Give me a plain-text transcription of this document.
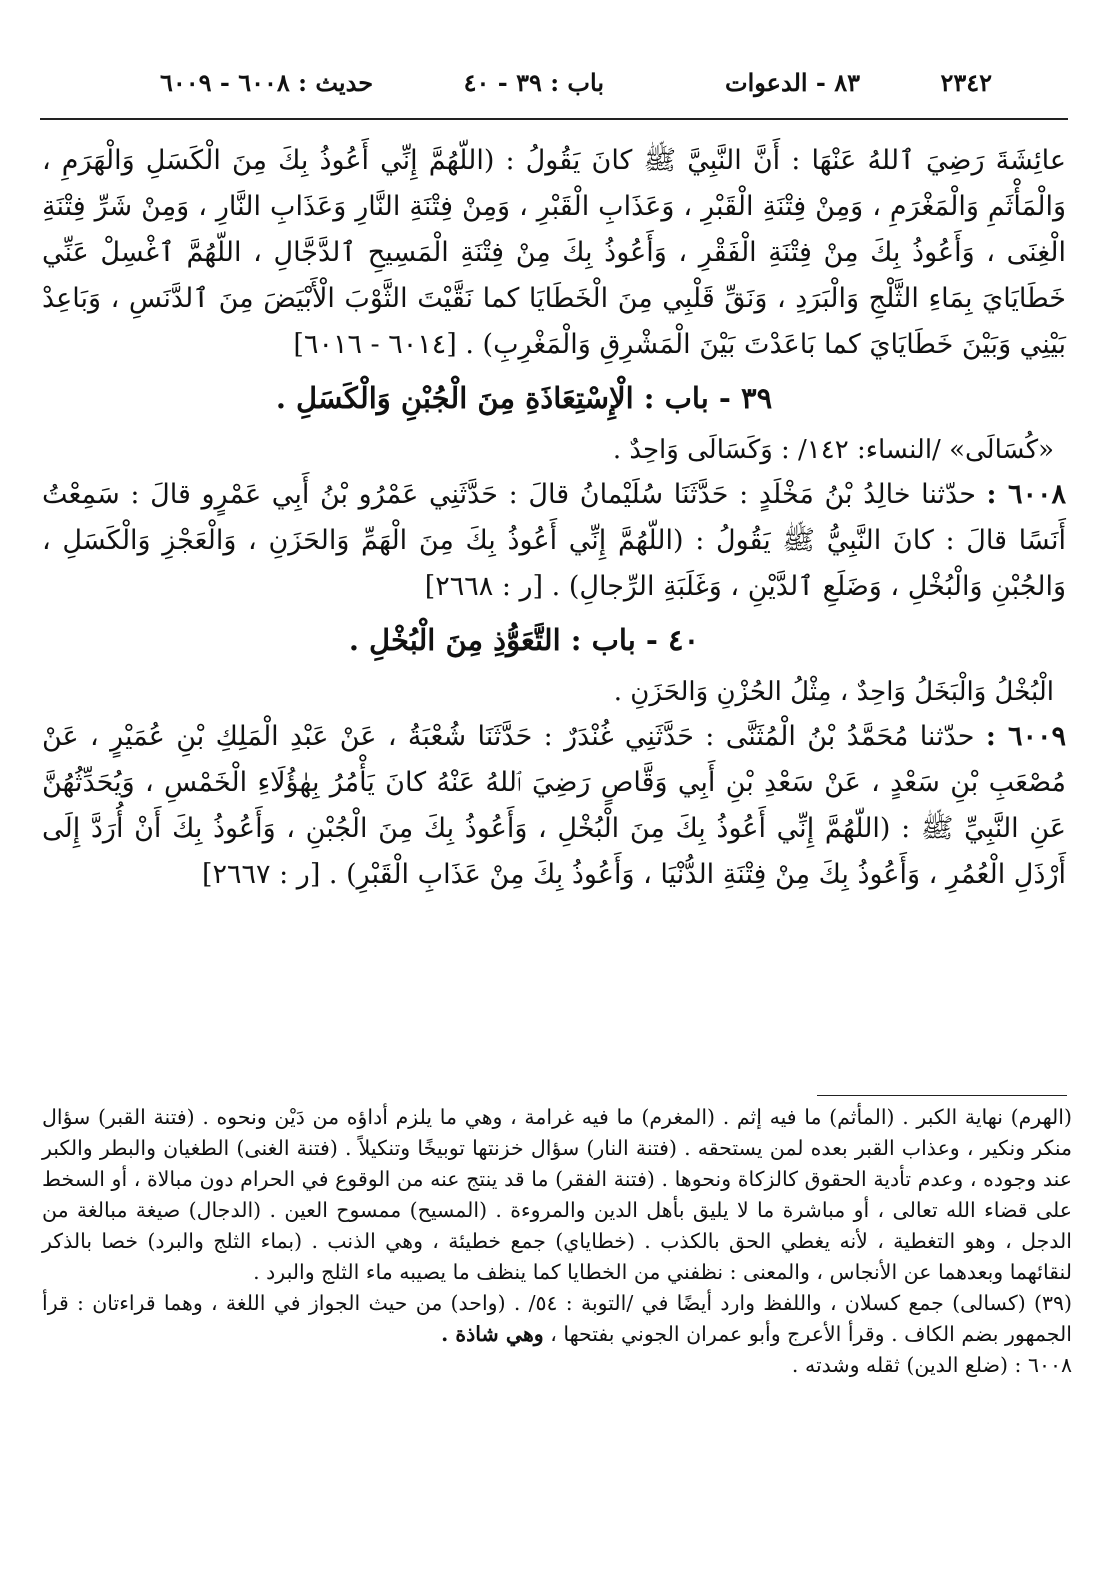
٢٣٤٢
٨٣ - الدعوات
باب : ٣٩ - ٤٠
حديث : ٦٠٠٨ - ٦٠٠٩

عائِشَةَ رَضِيَ ٱللهُ عَنْهَا : أَنَّ النَّبِيَّ ﷺ كانَ يَقُولُ : (اللّهُمَّ إِنِّي أَعُوذُ بِكَ مِنَ الْكَسَلِ وَالْهَرَمِ ، وَالْمَأْثَمِ وَالْمَغْرَمِ ، وَمِنْ فِتْنَةِ الْقَبْرِ ، وَعَذَابِ الْقَبْرِ ، وَمِنْ فِتْنَةِ النَّارِ وَعَذَابِ النَّارِ ، وَمِنْ شَرِّ فِتْنَةِ الْغِنَى ، وَأَعُوذُ بِكَ مِنْ فِتْنَةِ الْفَقْرِ ، وَأَعُوذُ بِكَ مِنْ فِتْنَةِ الْمَسِيحِ ٱلدَّجَّالِ ، اللّهُمَّ ٱغْسِلْ عَنِّي خَطَايَايَ بِمَاءِ الثَّلْجِ وَالْبَرَدِ ، وَنَقِّ قَلْبِي مِنَ الْخَطَايَا كما نَقَّيْتَ الثَّوْبَ الْأَبْيَضَ مِنَ ٱلدَّنَسِ ، وَبَاعِدْ بَيْنِي وَبَيْنَ خَطَايَايَ كما بَاعَدْتَ بَيْنَ الْمَشْرِقِ وَالْمَغْرِبِ) . [٦٠١٤ - ٦٠١٦]

٣٩ - باب : الْإِسْتِعَاذَةِ مِنَ الْجُبْنِ وَالْكَسَلِ .

«كُسَالَى» /النساء: ١٤٢/ : وَكَسَالَى وَاحِدٌ .

٦٠٠٨ : حدّثنا خالِدُ بْنُ مَخْلَدٍ : حَدَّثَنَا سُلَيْمانُ قالَ : حَدَّثَنِي عَمْرُو بْنُ أَبِي عَمْرٍو قالَ : سَمِعْتُ أَنَسًا قالَ : كانَ النَّبِيُّ ﷺ يَقُولُ : (اللّهُمَّ إِنِّي أَعُوذُ بِكَ مِنَ الْهَمِّ وَالحَزَنِ ، وَالْعَجْزِ وَالْكَسَلِ ، وَالجُبْنِ وَالْبُخْلِ ، وَضَلَعِ ٱلدَّيْنِ ، وَغَلَبَةِ الرِّجالِ) . [ر : ٢٦٦٨]

٤٠ - باب : التَّعَوُّذِ مِنَ الْبُخْلِ .

الْبُخْلُ وَالْبَخَلُ وَاحِدٌ ، مِثْلُ الحُزْنِ وَالحَزَنِ .

٦٠٠٩ : حدّثنا مُحَمَّدُ بْنُ الْمُثَنَّى : حَدَّثَنِي غُنْدَرٌ : حَدَّثَنَا شُعْبَةُ ، عَنْ عَبْدِ الْمَلِكِ بْنِ عُمَيْرٍ ، عَنْ مُصْعَبِ بْنِ سَعْدٍ ، عَنْ سَعْدِ بْنِ أَبِي وَقَّاصٍ رَضِيَ ٱللهُ عَنْهُ كانَ يَأْمُرُ بِهٰؤُلَاءِ الْخَمْسِ ، وَيُحَدِّثُهُنَّ عَنِ النَّبِيِّ ﷺ : (اللّهُمَّ إِنِّي أَعُوذُ بِكَ مِنَ الْبُخْلِ ، وَأَعُوذُ بِكَ مِنَ الْجُبْنِ ، وَأَعُوذُ بِكَ أَنْ أُرَدَّ إِلَى أَرْذَلِ الْعُمُرِ ، وَأَعُوذُ بِكَ مِنْ فِتْنَةِ الدُّنْيَا ، وَأَعُوذُ بِكَ مِنْ عَذَابِ الْقَبْرِ) . [ر : ٢٦٦٧]

(الهرم) نهاية الكبر . (المأثم) ما فيه إثم . (المغرم) ما فيه غرامة ، وهي ما يلزم أداؤه من دَيْن ونحوه . (فتنة القبر) سؤال منكر ونكير ، وعذاب القبر بعده لمن يستحقه . (فتنة النار) سؤال خزنتها توبيخًا وتنكيلاً . (فتنة الغنى) الطغيان والبطر والكبر عند وجوده ، وعدم تأدية الحقوق كالزكاة ونحوها . (فتنة الفقر) ما قد ينتج عنه من الوقوع في الحرام دون مبالاة ، أو السخط على قضاء الله تعالى ، أو مباشرة ما لا يليق بأهل الدين والمروءة . (المسيح) ممسوح العين . (الدجال) صيغة مبالغة من الدجل ، وهو التغطية ، لأنه يغطي الحق بالكذب . (خطاياي) جمع خطيئة ، وهي الذنب . (بماء الثلج والبرد) خصا بالذكر لنقائهما وبعدهما عن الأنجاس ، والمعنى : نظفني من الخطايا كما ينظف ما يصيبه ماء الثلج والبرد .

(٣٩) (كسالى) جمع كسلان ، واللفظ وارد أيضًا في /التوبة : ٥٤/ . (واحد) من حيث الجواز في اللغة ، وهما قراءتان : قرأ الجمهور بضم الكاف . وقرأ الأعرج وأبو عمران الجوني بفتحها ، وهي شاذة .

٦٠٠٨ : (ضلع الدين) ثقله وشدته .
